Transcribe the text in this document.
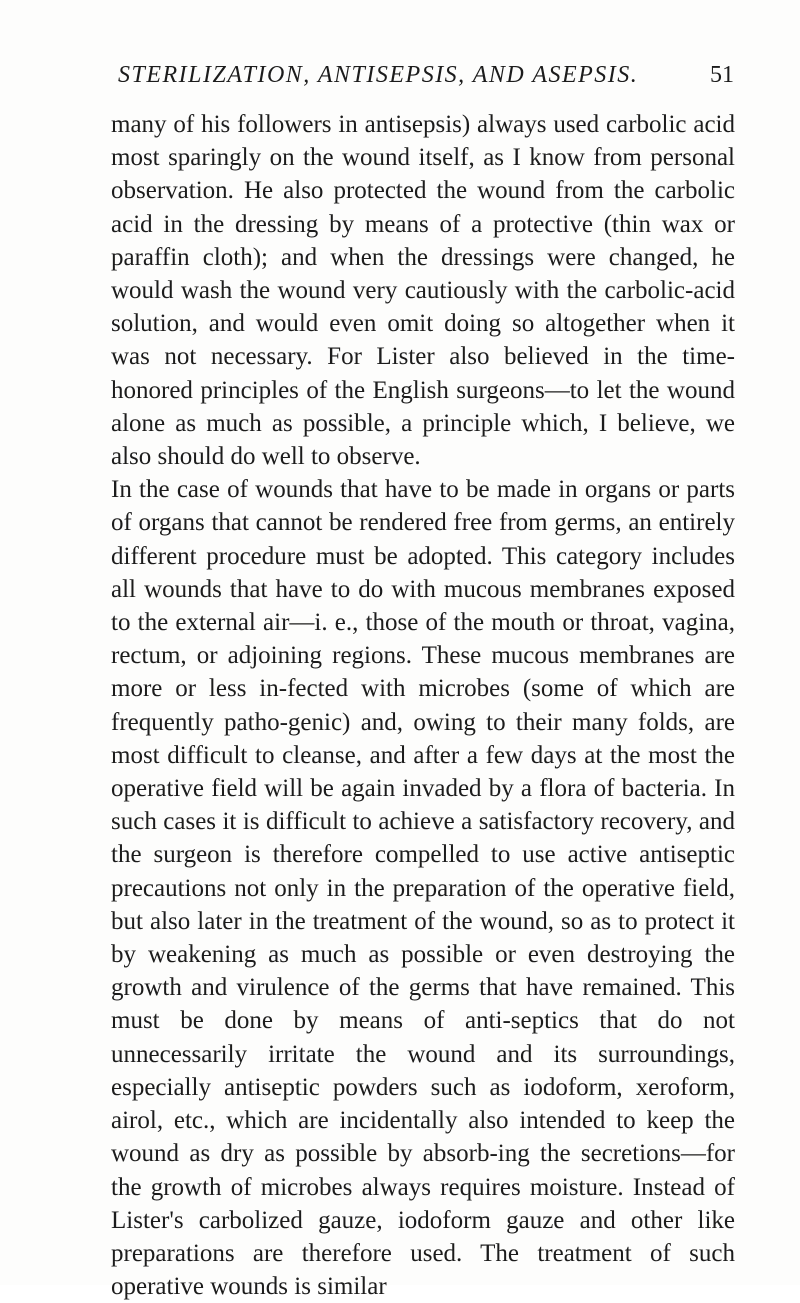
STERILIZATION, ANTISEPSIS, AND ASEPSIS.	51

many of his followers in antisepsis) always used carbolic acid most sparingly on the wound itself, as I know from personal observation. He also protected the wound from the carbolic acid in the dressing by means of a protective (thin wax or paraffin cloth); and when the dressings were changed, he would wash the wound very cautiously with the carbolic-acid solution, and would even omit doing so altogether when it was not necessary. For Lister also believed in the time-honored principles of the English surgeons—to let the wound alone as much as possible, a principle which, I believe, we also should do well to observe.

In the case of wounds that have to be made in organs or parts of organs that cannot be rendered free from germs, an entirely different procedure must be adopted. This category includes all wounds that have to do with mucous membranes exposed to the external air—i. e., those of the mouth or throat, vagina, rectum, or adjoining regions. These mucous membranes are more or less in-fected with microbes (some of which are frequently patho-genic) and, owing to their many folds, are most difficult to cleanse, and after a few days at the most the operative field will be again invaded by a flora of bacteria. In such cases it is difficult to achieve a satisfactory recovery, and the surgeon is therefore compelled to use active antiseptic precautions not only in the preparation of the operative field, but also later in the treatment of the wound, so as to protect it by weakening as much as possible or even destroying the growth and virulence of the germs that have remained. This must be done by means of anti-septics that do not unnecessarily irritate the wound and its surroundings, especially antiseptic powders such as iodoform, xeroform, airol, etc., which are incidentally also intended to keep the wound as dry as possible by absorb-ing the secretions—for the growth of microbes always requires moisture. Instead of Lister's carbolized gauze, iodoform gauze and other like preparations are therefore used. The treatment of such operative wounds is similar
